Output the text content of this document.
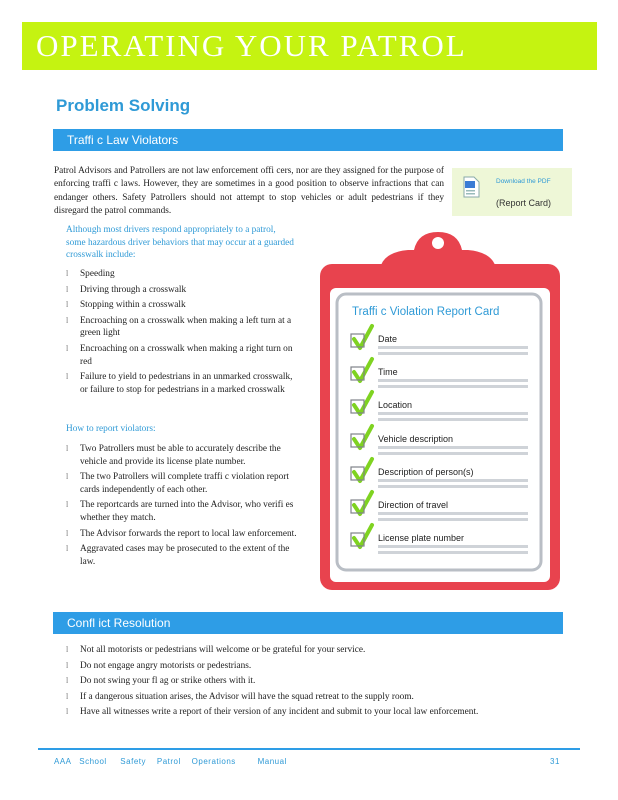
OPERATING YOUR PATROL
Problem Solving
Traffi c Law Violators
Patrol Advisors and Patrollers are not law enforcement offi cers, nor are they assigned for the purpose of enforcing traffi c laws. However, they are sometimes in a good position to observe infractions that can endanger others. Safety Patrollers should not attempt to stop vehicles or adult pedestrians if they disregard the patrol commands.
Download the PDF
(Report Card)
Although most drivers respond appropriately to a patrol, some hazardous driver behaviors that may occur at a guarded crosswalk include:
l Speeding
l Driving through a crosswalk
l Stopping within a crosswalk
l Encroaching on a crosswalk when making a left turn at a green light
l Encroaching on a crosswalk when making a right turn on red
l Failure to yield to pedestrians in an unmarked crosswalk, or failure to stop for pedestrians in a marked crosswalk
How to report violators:
l Two Patrollers must be able to accurately describe the vehicle and provide its license plate number.
l The two Patrollers will complete traffi c violation report cards independently of each other.
l The reportcards are turned into the Advisor, who verifi es whether they match.
l The Advisor forwards the report to local law enforcement.
l Aggravated cases may be prosecuted to the extent of the law.
Traffi c Violation Report Card
Date
Time
Location
Vehicle description
Description of person(s)
Direction of travel
License plate number
Confl ict Resolution
l Not all motorists or pedestrians will welcome or be grateful for your service.
l Do not engage angry motorists or pedestrians.
l Do not swing your fl ag or strike others with it.
l If a dangerous situation arises, the Advisor will have the squad retreat to the supply room.
l Have all witnesses write a report of their version of any incident and submit to your local law enforcement.
AAA   School     Safety    Patrol    Operations        Manual	31
